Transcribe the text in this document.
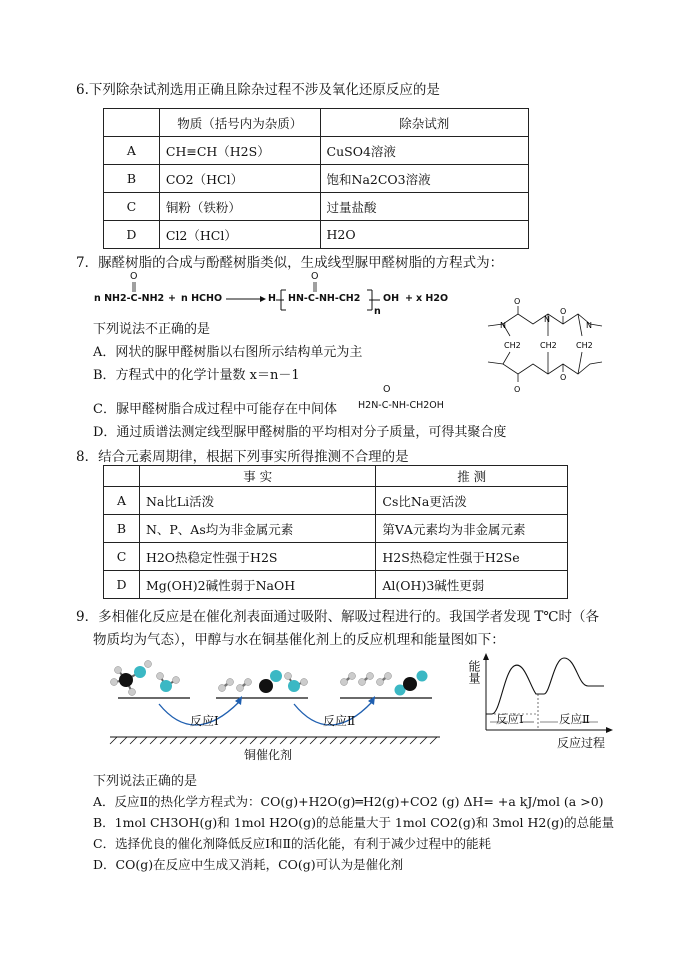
6.下列除杂试剂选用正确且除杂过程不涉及氧化还原反应的是
	物质（括号内为杂质）	除杂试剂
A	CH≡CH（H2S）	CuSO4溶液
B	CO2（HCl）	饱和Na2CO3溶液
C	铜粉（铁粉）	过量盐酸
D	Cl2（HCl）	H2O
7．脲醛树脂的合成与酚醛树脂类似，生成线型脲甲醛树脂的方程式为：
O	O
n NH2-C-NH2 + n HCHO → H HN-C-NH-CH2
n
OH + x H2O
下列说法不正确的是
A．网状的脲甲醛树脂以右图所示结构单元为主
B．方程式中的化学计量数 x＝n－1
O
O
O
O
CH2 CH2 CH2
N
N
N
C．脲甲醛树脂合成过程中可能存在中间体
O
H2N-C-NH-CH2OH
D．通过质谱法测定线型脲甲醛树脂的平均相对分子质量，可得其聚合度
8．结合元素周期律，根据下列事实所得推测不合理的是
	事 实	推 测
A	Na比Li活泼	Cs比Na更活泼
B	N、P、As均为非金属元素	第ⅤA元素均为非金属元素
C	H2O热稳定性强于H2S	H2S热稳定性强于H2Se
D	Mg(OH)2碱性弱于NaOH	Al(OH)3碱性更弱
9．多相催化反应是在催化剂表面通过吸附、解吸过程进行的。我国学者发现 T℃时（各
物质均为气态），甲醇与水在铜基催化剂上的反应机理和能量图如下：
反应Ⅰ	反应Ⅱ
铜催化剂
能量
反应Ⅰ	反应Ⅱ
反应过程
下列说法正确的是
A．反应Ⅱ的热化学方程式为：CO(g)+H2O(g)═H2(g)+CO2 (g) ΔH= +a kJ/mol (a >0)
B．1mol CH3OH(g)和 1mol H2O(g)的总能量大于 1mol CO2(g)和 3mol H2(g)的总能量
C．选择优良的催化剂降低反应Ⅰ和Ⅱ的活化能，有利于减少过程中的能耗
D．CO(g)在反应中生成又消耗，CO(g)可认为是催化剂
